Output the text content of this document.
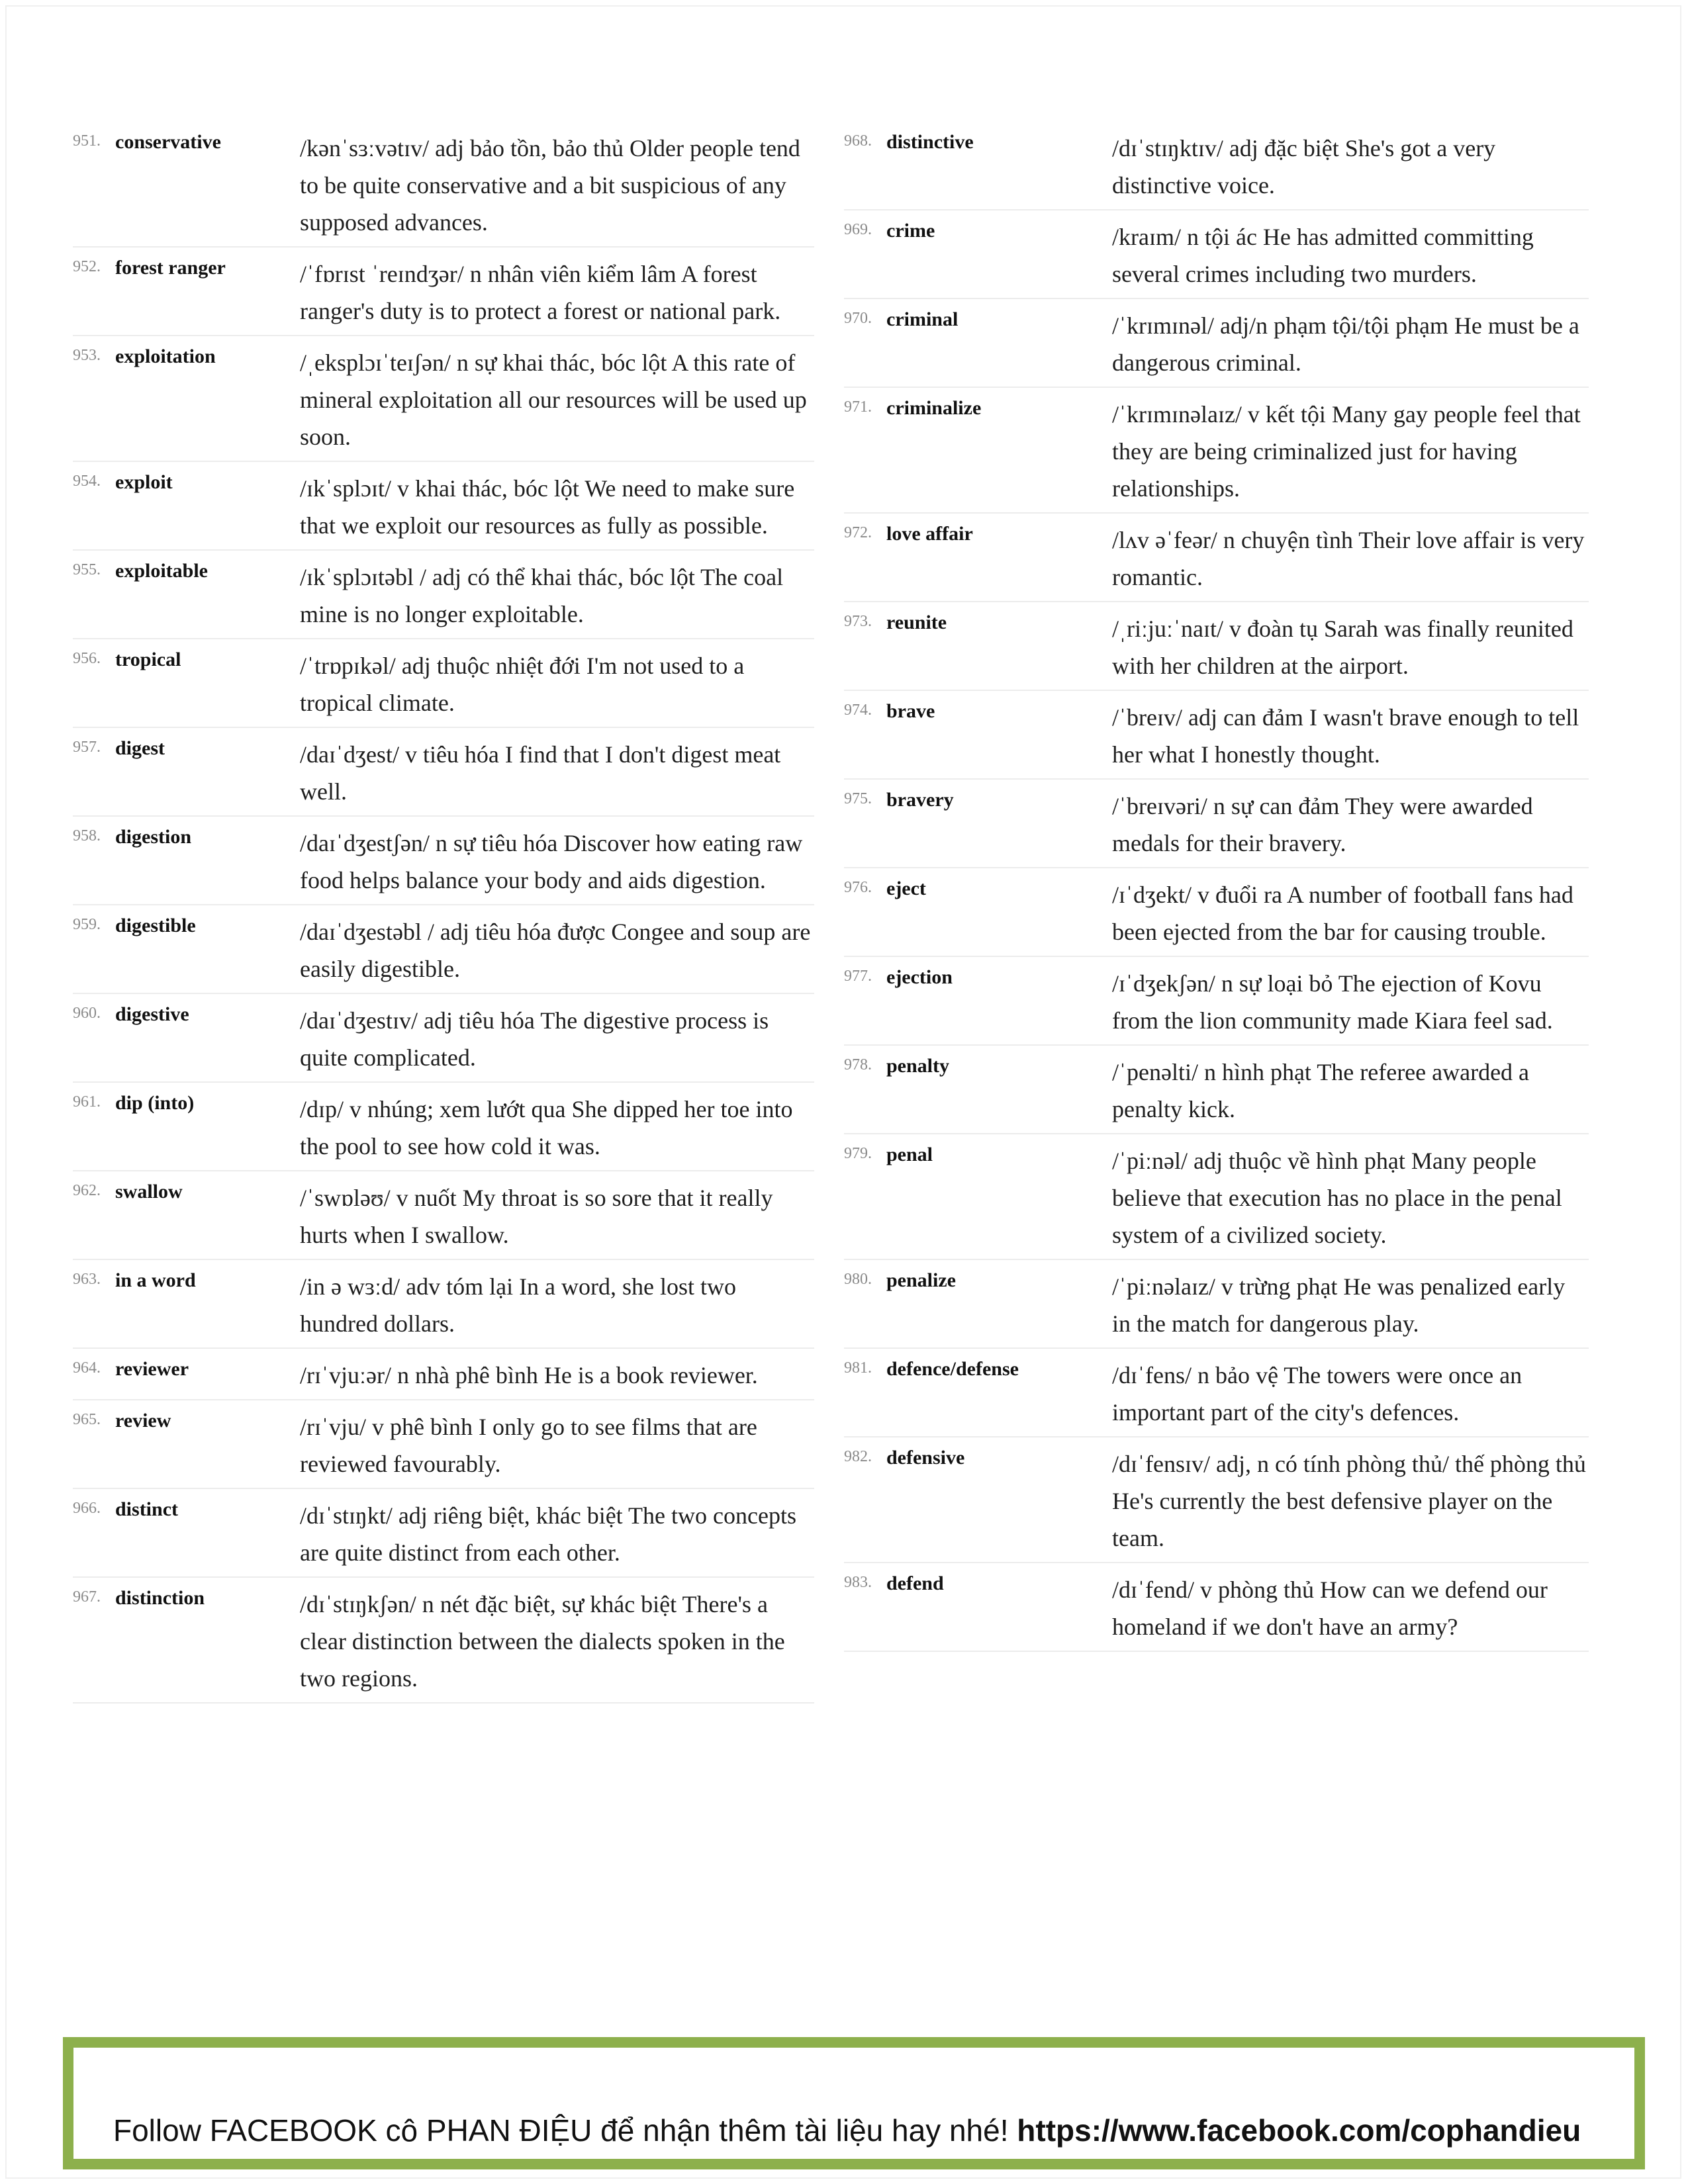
951. conservative	/kənˈsɜːvətɪv/ adj bảo tồn, bảo thủ Older people tend to be quite conservative and a bit suspicious of any supposed advances.
952. forest ranger	/ˈfɒrɪst ˈreɪndʒər/ n nhân viên kiểm lâm A forest ranger's duty is to protect a forest or national park.
953. exploitation	/ˌeksplɔɪˈteɪʃən/ n sự khai thác, bóc lột A this rate of mineral exploitation all our resources will be used up soon.
954. exploit	/ɪkˈsplɔɪt/ v khai thác, bóc lột We need to make sure that we exploit our resources as fully as possible.
955. exploitable	/ɪkˈsplɔɪtəbl / adj có thể khai thác, bóc lột The coal mine is no longer exploitable.
956. tropical	/ˈtrɒpɪkəl/ adj thuộc nhiệt đới I'm not used to a tropical climate.
957. digest	/daɪˈdʒest/ v tiêu hóa I find that I don't digest meat well.
958. digestion	/daɪˈdʒestʃən/ n sự tiêu hóa Discover how eating raw food helps balance your body and aids digestion.
959. digestible	/daɪˈdʒestəbl / adj tiêu hóa được Congee and soup are easily digestible.
960. digestive	/daɪˈdʒestɪv/ adj tiêu hóa The digestive process is quite complicated.
961. dip (into)	/dɪp/ v nhúng; xem lướt qua She dipped her toe into the pool to see how cold it was.
962. swallow	/ˈswɒləʊ/ v nuốt My throat is so sore that it really hurts when I swallow.
963. in a word	/in ə wɜːd/ adv tóm lại In a word, she lost two hundred dollars.
964. reviewer	/rɪˈvjuːər/ n nhà phê bình He is a book reviewer.
965. review	/rɪˈvju/ v phê bình I only go to see films that are reviewed favourably.
966. distinct	/dɪˈstɪŋkt/ adj riêng biệt, khác biệt The two concepts are quite distinct from each other.
967. distinction	/dɪˈstɪŋkʃən/ n nét đặc biệt, sự khác biệt There's a clear distinction between the dialects spoken in the two regions.
968. distinctive	/dɪˈstɪŋktɪv/ adj đặc biệt She's got a very distinctive voice.
969. crime	/kraɪm/ n tội ác He has admitted committing several crimes including two murders.
970. criminal	/ˈkrɪmɪnəl/ adj/n phạm tội/tội phạm He must be a dangerous criminal.
971. criminalize	/ˈkrɪmɪnəlaɪz/ v kết tội Many gay people feel that they are being criminalized just for having relationships.
972. love affair	/lʌv əˈfeər/ n chuyện tình Their love affair is very romantic.
973. reunite	/ˌriːjuːˈnaɪt/ v đoàn tụ Sarah was finally reunited with her children at the airport.
974. brave	/ˈbreɪv/ adj can đảm I wasn't brave enough to tell her what I honestly thought.
975. bravery	/ˈbreɪvəri/ n sự can đảm They were awarded medals for their bravery.
976. eject	/ɪˈdʒekt/ v đuổi ra A number of football fans had been ejected from the bar for causing trouble.
977. ejection	/ɪˈdʒekʃən/ n sự loại bỏ The ejection of Kovu from the lion community made Kiara feel sad.
978. penalty	/ˈpenəlti/ n hình phạt The referee awarded a penalty kick.
979. penal	/ˈpiːnəl/ adj thuộc về hình phạt Many people believe that execution has no place in the penal system of a civilized society.
980. penalize	/ˈpiːnəlaɪz/ v trừng phạt He was penalized early in the match for dangerous play.
981. defence/defense	/dɪˈfens/ n bảo vệ The towers were once an important part of the city's defences.
982. defensive	/dɪˈfensɪv/ adj, n có tính phòng thủ/ thế phòng thủ He's currently the best defensive player on the team.
983. defend	/dɪˈfend/ v phòng thủ How can we defend our homeland if we don't have an army?
Follow FACEBOOK cô PHAN ĐIỆU để nhận thêm tài liệu hay nhé! https://www.facebook.com/cophandieu
